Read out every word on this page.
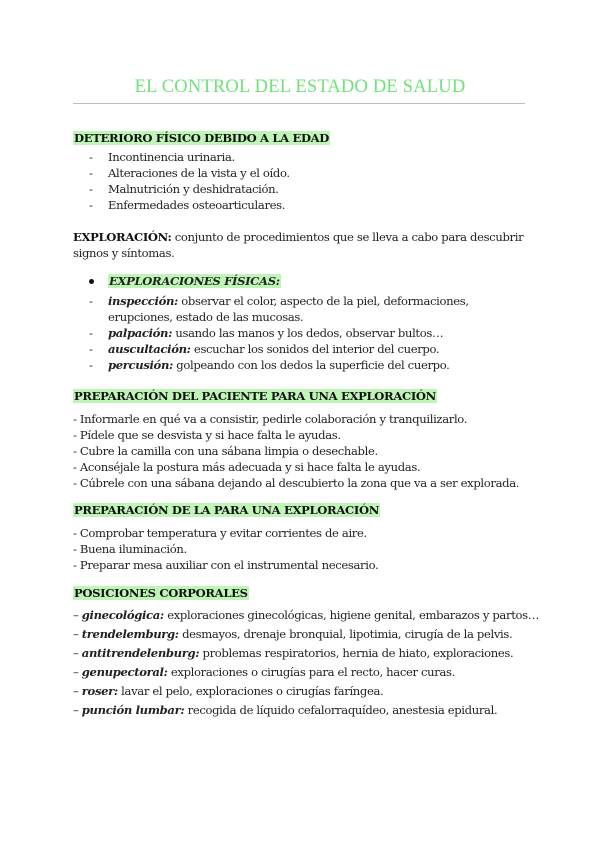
EL CONTROL DEL ESTADO DE SALUD
DETERIORO FÍSICO DEBIDO A LA EDAD
- Incontinencia urinaria.
- Alteraciones de la vista y el oído.
- Malnutrición y deshidratación.
- Enfermedades osteoarticulares.
EXPLORACIÓN: conjunto de procedimientos que se lleva a cabo para descubrir signos y síntomas.
EXPLORACIONES FÍSICAS:
- inspección: observar el color, aspecto de la piel, deformaciones, erupciones, estado de las mucosas.
- palpación: usando las manos y los dedos, observar bultos…
- auscultación: escuchar los sonidos del interior del cuerpo.
- percusión: golpeando con los dedos la superficie del cuerpo.
PREPARACIÓN DEL PACIENTE PARA UNA EXPLORACIÓN
- Informarle en qué va a consistir, pedirle colaboración y tranquilizarlo.
- Pídele que se desvista y si hace falta le ayudas.
- Cubre la camilla con una sábana limpia o desechable.
- Aconséjale la postura más adecuada y si hace falta le ayudas.
- Cúbrele con una sábana dejando al descubierto la zona que va a ser explorada.
PREPARACIÓN DE LA PARA UNA EXPLORACIÓN
- Comprobar temperatura y evitar corrientes de aire.
- Buena iluminación.
- Preparar mesa auxiliar con el instrumental necesario.
POSICIONES CORPORALES
– ginecológica: exploraciones ginecológicas, higiene genital, embarazos y partos…
– trendelemburg: desmayos, drenaje bronquial, lipotimia, cirugía de la pelvis.
– antitrendelenburg: problemas respiratorios, hernia de hiato, exploraciones.
– genupectoral: exploraciones o cirugías para el recto, hacer curas.
– roser: lavar el pelo, exploraciones o cirugías faríngea.
– punción lumbar: recogida de líquido cefalorraquídeo, anestesia epidural.
